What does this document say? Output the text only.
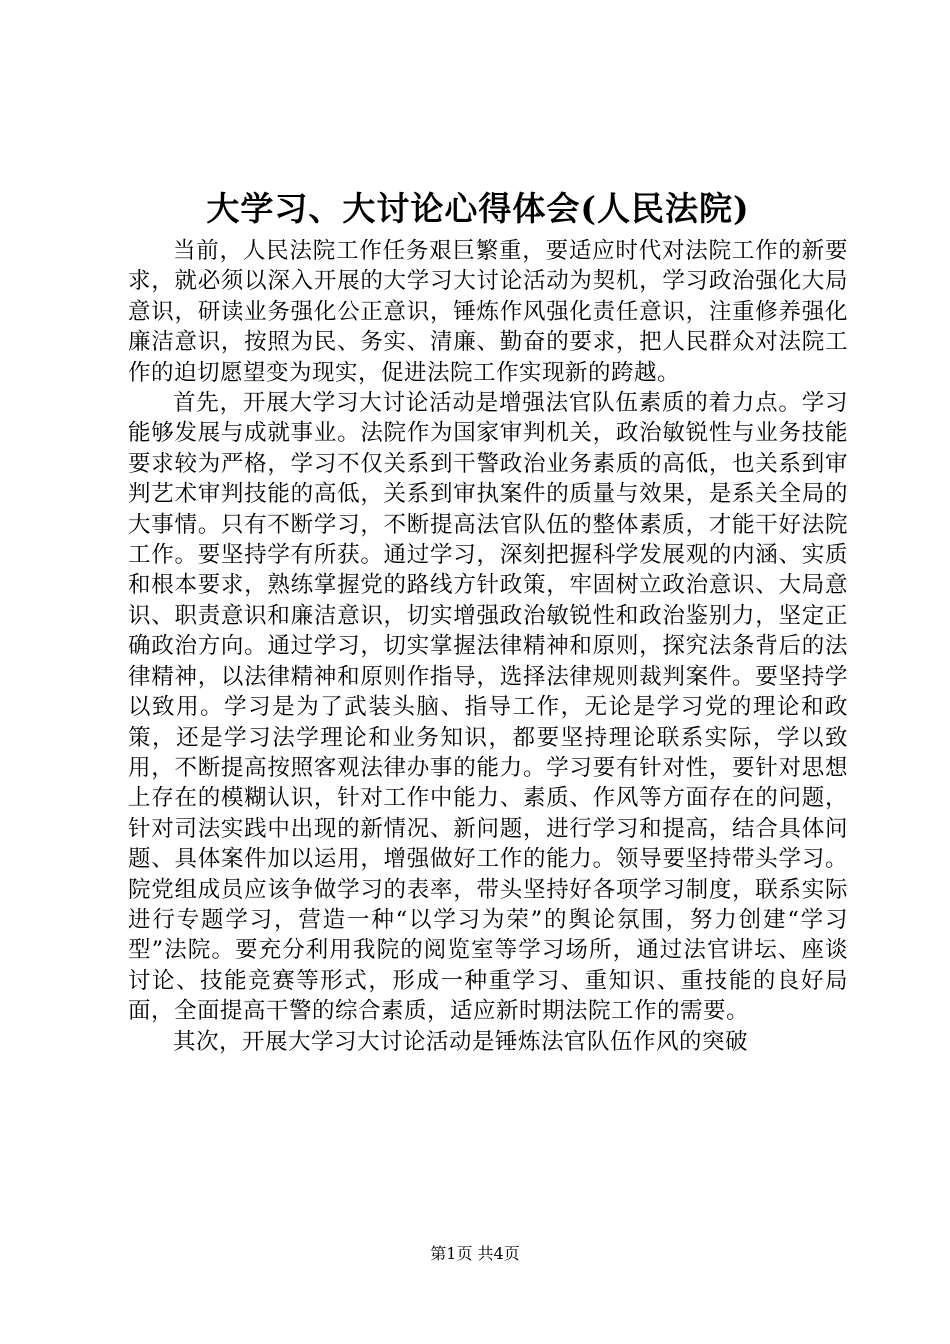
大学习、大讨论心得体会(人民法院)

当前，人民法院工作任务艰巨繁重，要适应时代对法院工作的新要求，就必须以深入开展的大学习大讨论活动为契机，学习政治强化大局意识，研读业务强化公正意识，锤炼作风强化责任意识，注重修养强化廉洁意识，按照为民、务实、清廉、勤奋的要求，把人民群众对法院工作的迫切愿望变为现实，促进法院工作实现新的跨越。

首先，开展大学习大讨论活动是增强法官队伍素质的着力点。学习能够发展与成就事业。法院作为国家审判机关，政治敏锐性与业务技能要求较为严格，学习不仅关系到干警政治业务素质的高低，也关系到审判艺术审判技能的高低，关系到审执案件的质量与效果，是系关全局的大事情。只有不断学习，不断提高法官队伍的整体素质，才能干好法院工作。要坚持学有所获。通过学习，深刻把握科学发展观的内涵、实质和根本要求，熟练掌握党的路线方针政策，牢固树立政治意识、大局意识、职责意识和廉洁意识，切实增强政治敏锐性和政治鉴别力，坚定正确政治方向。通过学习，切实掌握法律精神和原则，探究法条背后的法律精神，以法律精神和原则作指导，选择法律规则裁判案件。要坚持学以致用。学习是为了武装头脑、指导工作，无论是学习党的理论和政策，还是学习法学理论和业务知识，都要坚持理论联系实际，学以致用，不断提高按照客观法律办事的能力。学习要有针对性，要针对思想上存在的模糊认识，针对工作中能力、素质、作风等方面存在的问题，针对司法实践中出现的新情况、新问题，进行学习和提高，结合具体问题、具体案件加以运用，增强做好工作的能力。领导要坚持带头学习。院党组成员应该争做学习的表率，带头坚持好各项学习制度，联系实际进行专题学习，营造一种“以学习为荣”的舆论氛围，努力创建“学习型”法院。要充分利用我院的阅览室等学习场所，通过法官讲坛、座谈讨论、技能竞赛等形式，形成一种重学习、重知识、重技能的良好局面，全面提高干警的综合素质，适应新时期法院工作的需要。

其次，开展大学习大讨论活动是锤炼法官队伍作风的突破

第1页 共4页
